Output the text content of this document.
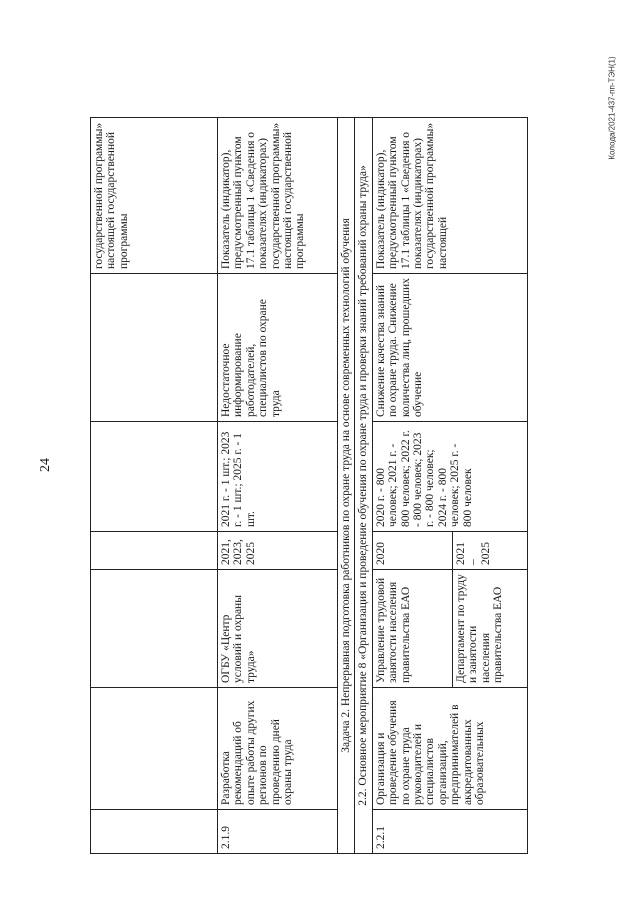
24
Колода/2021-437-пп-ТЭН(1)
						государственной программы» настоящей государственной программы
2.1.9	Разработка рекомендаций об опыте работы других регионов по проведению дней охраны труда	ОГБУ «Центр условий и охраны труда»	2021, 2023, 2025	2021 г. - 1 шт.; 2023 г. - 1 шт.; 2025 г. - 1 шт.	Недостаточное информирование работодателей, специалистов по охране труда	Показатель (индикатор), предусмотренный пунктом 17.1 таблицы 1 «Сведения о показателях (индикаторах) государственной программы» настоящей государственной программы
Задача 2. Непрерывная подготовка работников по охране труда на основе современных технологий обучения						
2.2. Основное мероприятие 8 «Организация и проведение обучения по охране труда и проверки знаний требований охраны труда»						
2.2.1	Организация и проведение обучения по охране труда руководителей и специалистов организаций, предпринимателей в аккредитованных образовательных	Управление трудовой занятости населения правительства ЕАО	2020	2020 г. - 800 человек; 2021 г. - 800 человек; 2022 г. - 800 человек; 2023 г. - 800 человек; 2024 г. - 800 человек; 2025 г. - 800 человек	Снижение качества знаний по охране труда. Снижение количества лиц, прошедших обучение	Показатель (индикатор), предусмотренный пунктом 17.1 таблицы 1 «Сведения о показателях (индикаторах) государственной программы» настоящей
		Департамент по труду и занятости населения правительства ЕАО	2021 – 2025			
